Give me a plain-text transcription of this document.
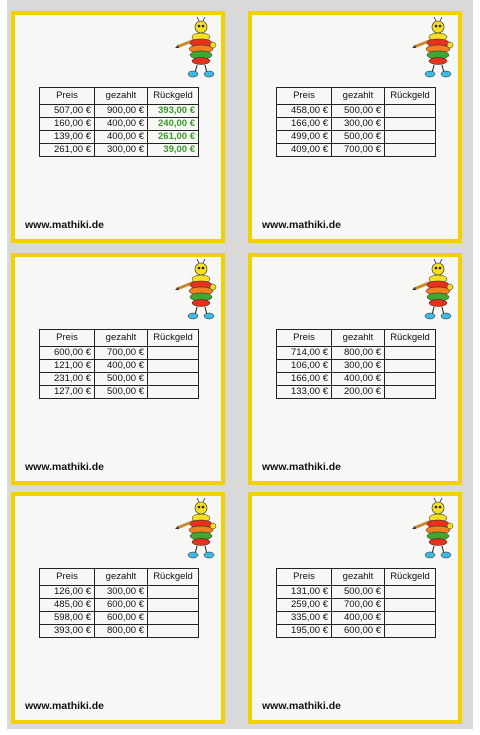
Preis	gezahlt	Rückgeld
507,00 €	900,00 €	393,00 €
160,00 €	400,00 €	240,00 €
139,00 €	400,00 €	261,00 €
261,00 €	300,00 €	39,00 €
www.mathiki.de
Preis	gezahlt	Rückgeld
458,00 €	500,00 €	
166,00 €	300,00 €	
499,00 €	500,00 €	
409,00 €	700,00 €	
www.mathiki.de
Preis	gezahlt	Rückgeld
600,00 €	700,00 €	
121,00 €	400,00 €	
231,00 €	500,00 €	
127,00 €	500,00 €	
www.mathiki.de
Preis	gezahlt	Rückgeld
714,00 €	800,00 €	
106,00 €	300,00 €	
166,00 €	400,00 €	
133,00 €	200,00 €	
www.mathiki.de
Preis	gezahlt	Rückgeld
126,00 €	300,00 €	
485,00 €	600,00 €	
598,00 €	600,00 €	
393,00 €	800,00 €	
www.mathiki.de
Preis	gezahlt	Rückgeld
131,00 €	500,00 €	
259,00 €	700,00 €	
335,00 €	400,00 €	
195,00 €	600,00 €	
www.mathiki.de
